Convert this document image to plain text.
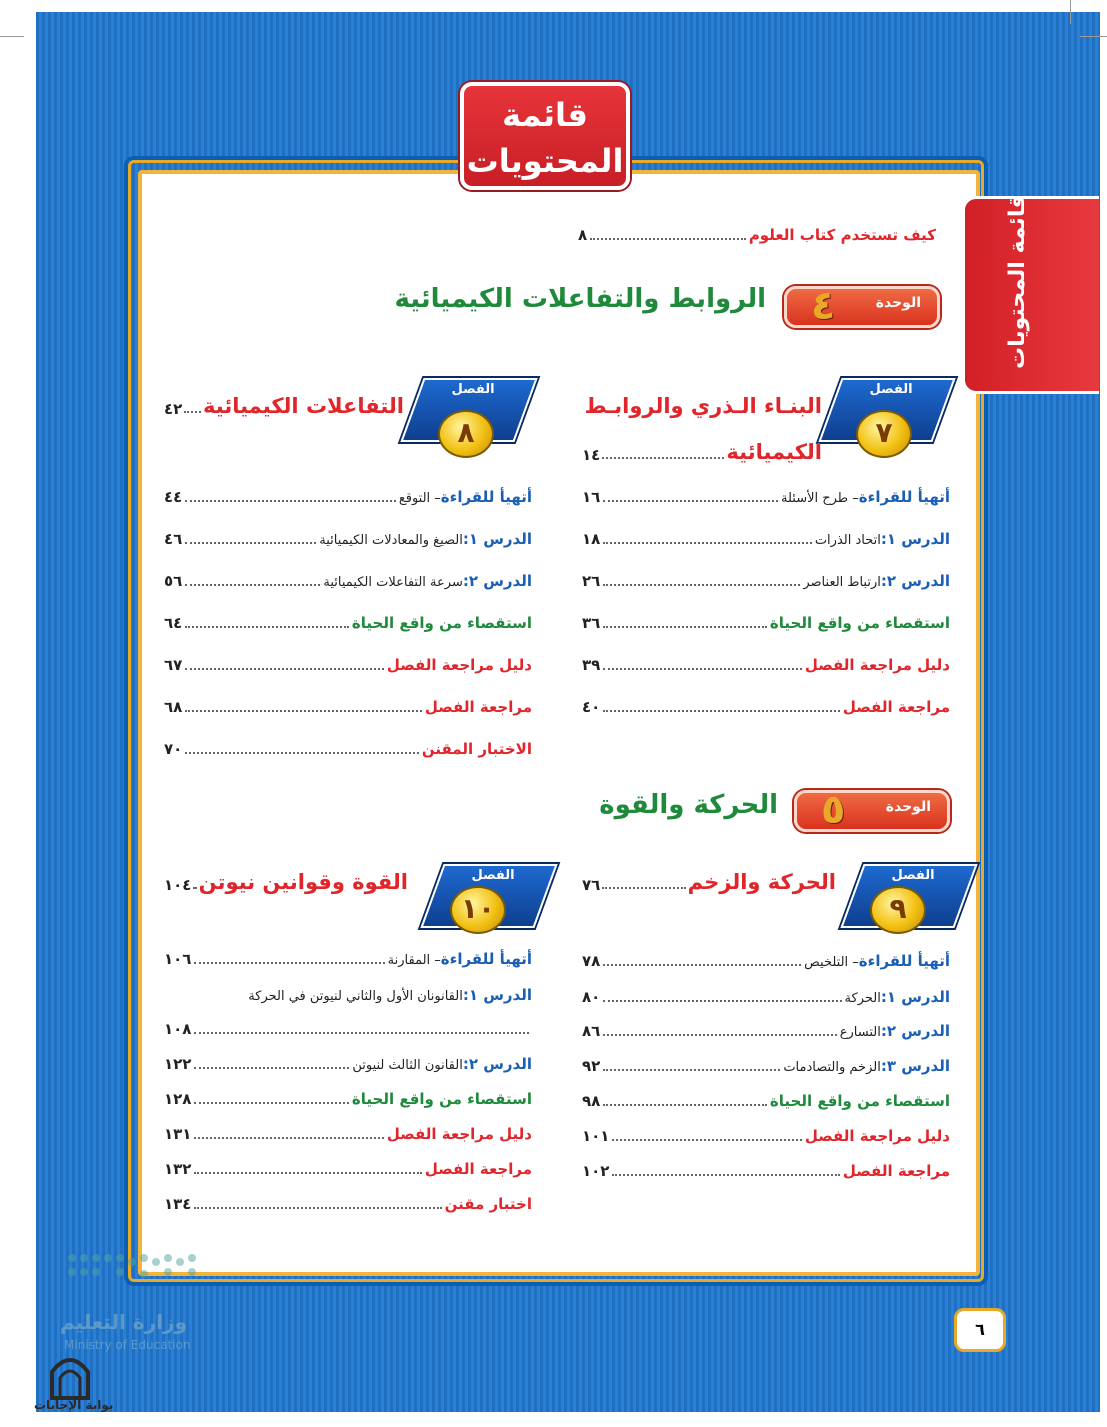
قائمة
المحتويات
قائمة المحتويات
كيف تستخدم كتاب العلوم
٨
الوحدة
٤
الروابط والتفاعلات الكيميائية
الفصل
٧
البنـاء الـذري والروابـط
الكيميائية
١٤
أتهيأ للقراءة
– طرح الأسئلة
١٦
الدرس ١:
اتحاد الذرات
١٨
الدرس ٢:
ارتباط العناصر
٢٦
استقصاء من واقع الحياة
٣٦
دليل مراجعة الفصل
٣٩
مراجعة الفصل
٤٠
الفصل
٨
التفاعلات الكيميائية
٤٢
أتهيأ للقراءة
– التوقع
٤٤
الدرس ١:
الصيغ والمعادلات الكيميائية
٤٦
الدرس ٢:
سرعة التفاعلات الكيميائية
٥٦
استقصاء من واقع الحياة
٦٤
دليل مراجعة الفصل
٦٧
مراجعة الفصل
٦٨
الاختبار المقنن
٧٠
الوحدة
٥
الحركة والقوة
الفصل
٩
الحركة والزخم
٧٦
أتهيأ للقراءة
– التلخيص
٧٨
الدرس ١:
الحركة
٨٠
الدرس ٢:
التسارع
٨٦
الدرس ٣:
الزخم والتصادمات
٩٢
استقصاء من واقع الحياة
٩٨
دليل مراجعة الفصل
١٠١
مراجعة الفصل
١٠٢
الفصل
١٠
القوة وقوانين نيوتن
١٠٤
أتهيأ للقراءة
– المقارنة
١٠٦
الدرس ١:
القانونان الأول والثاني لنيوتن في الحركة
١٠٨
الدرس ٢:
القانون الثالث لنيوتن
١٢٢
استقصاء من واقع الحياة
١٢٨
دليل مراجعة الفصل
١٣١
مراجعة الفصل
١٣٢
اختبار مقنن
١٣٤
٦
وزارة التعليم
Ministry of Education
بوابة الإجابات
